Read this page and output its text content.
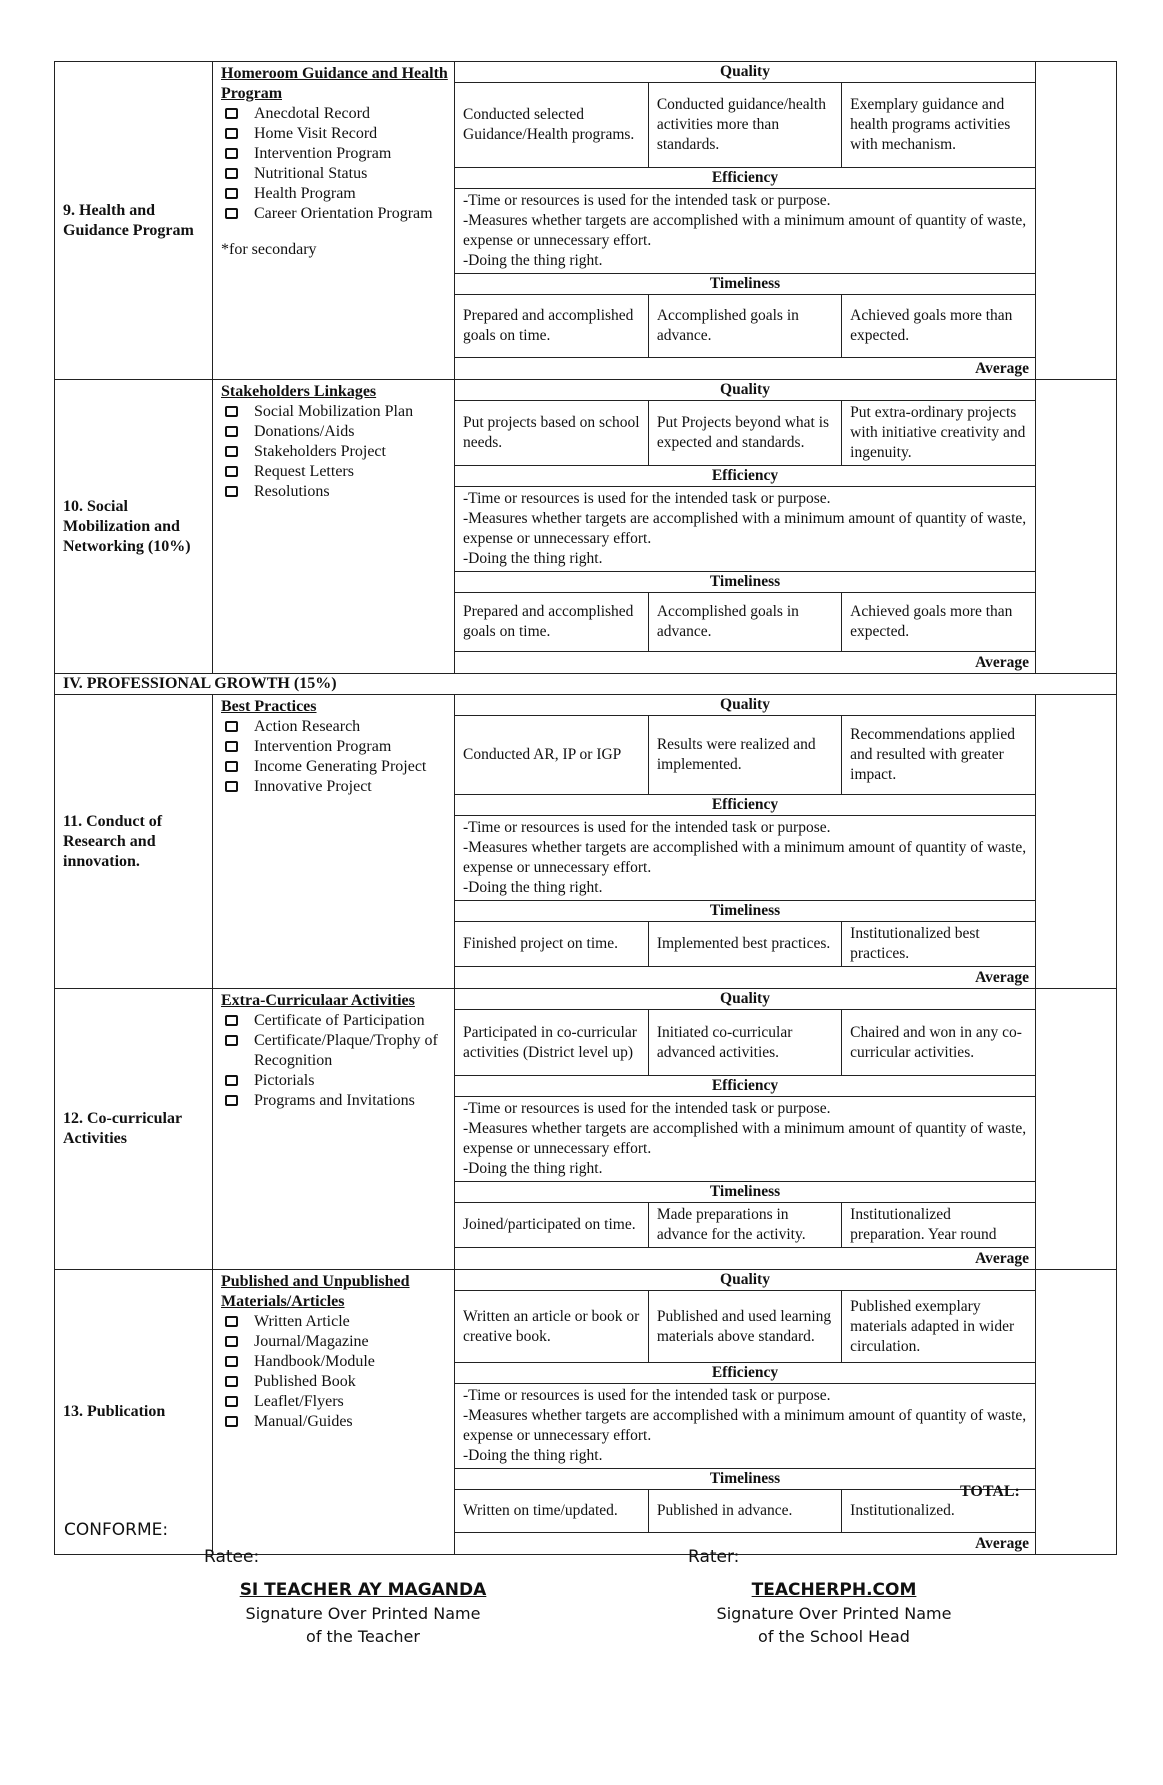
9. Health and Guidance Program	
Homeroom Guidance and Health Program
Anecdotal Record
Home Visit Record
Intervention Program
Nutritional Status
Health Program
Career Orientation Program
*for secondary

Quality
Conducted selected Guidance/Health programs.	Conducted guidance/health activities more than standards.	Exemplary guidance and health programs activities with mechanism.
Efficiency

-Time or resources is used for the intended task or purpose.
-Measures whether targets are accomplished with a minimum amount of quantity of waste, expense or unnecessary effort.
-Doing the thing right.

Timeliness
Prepared and accomplished goals on time.	Accomplished goals in advance.	Achieved goals more than expected.
Average

10. Social Mobilization and Networking (10%)	
Stakeholders Linkages
Social Mobilization Plan
Donations/Aids
Stakeholders Project
Request Letters
Resolutions

Quality
Put projects based on school needs.	Put Projects beyond what is expected and standards.	Put extra-ordinary projects with initiative creativity and ingenuity.
Efficiency

-Time or resources is used for the intended task or purpose.
-Measures whether targets are accomplished with a minimum amount of quantity of waste, expense or unnecessary effort.
-Doing the thing right.

Timeliness
Prepared and accomplished goals on time.	Accomplished goals in advance.	Achieved goals more than expected.
Average

IV. PROFESSIONAL GROWTH (15%)
11. Conduct of Research and innovation.	
Best Practices
Action Research
Intervention Program
Income Generating Project
Innovative Project

Quality
Conducted AR, IP or IGP	Results were realized and implemented.	Recommendations applied and resulted with greater impact.
Efficiency

-Time or resources is used for the intended task or purpose.
-Measures whether targets are accomplished with a minimum amount of quantity of waste, expense or unnecessary effort.
-Doing the thing right.

Timeliness
Finished project on time.	Implemented best practices.	Institutionalized best practices.
Average

12. Co-curricular Activities	
Extra-Curriculaar Activities
Certificate of Participation
Certificate/Plaque/Trophy of Recognition
Pictorials
Programs and Invitations

Quality
Participated in co-curricular activities (District level up)	Initiated co-curricular advanced activities.	Chaired and won in any co-curricular activities.
Efficiency

-Time or resources is used for the intended task or purpose.
-Measures whether targets are accomplished with a minimum amount of quantity of waste, expense or unnecessary effort.
-Doing the thing right.

Timeliness
Joined/participated on time.	Made preparations in advance for the activity.	Institutionalized preparation. Year round
Average

13. Publication	
Published and Unpublished Materials/Articles
Written Article
Journal/Magazine
Handbook/Module
Published Book
Leaflet/Flyers
Manual/Guides

Quality
Written an article or book or creative book.	Published and used learning materials above standard.	Published exemplary materials adapted in wider circulation.
Efficiency

-Time or resources is used for the intended task or purpose.
-Measures whether targets are accomplished with a minimum amount of quantity of waste, expense or unnecessary effort.
-Doing the thing right.

Timeliness
Written on time/updated.	Published in advance.	Institutionalized.
Average

TOTAL:
CONFORME:
Ratee:	Rater:
SI TEACHER AY MAGANDA
Signature Over Printed Name
of the Teacher
TEACHERPH.COM
Signature Over Printed Name
of the School Head
